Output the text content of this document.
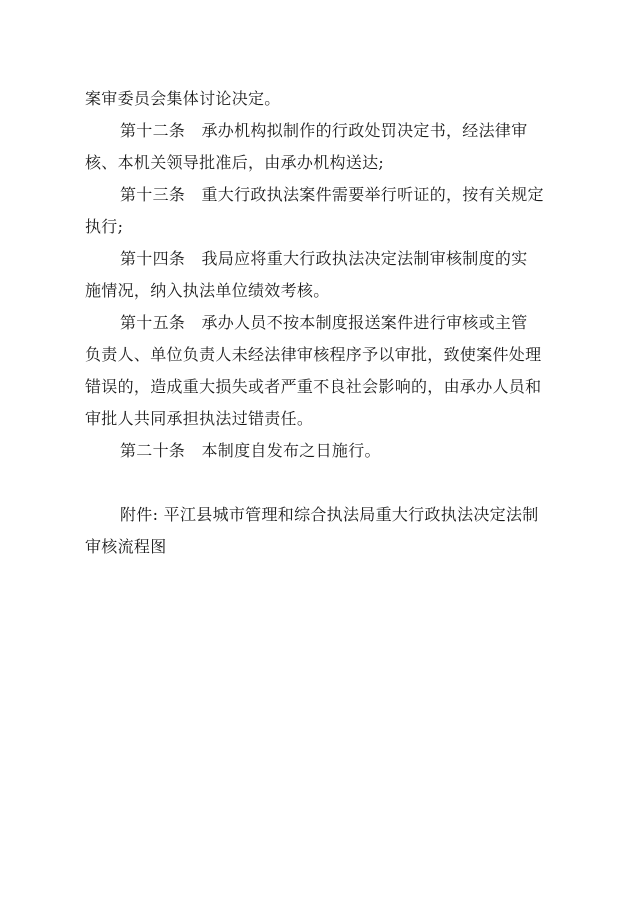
案审委员会集体讨论决定。
第十二条　承办机构拟制作的行政处罚决定书，经法律审
核、本机关领导批准后，由承办机构送达;
第十三条　重大行政执法案件需要举行听证的，按有关规定
执行;
第十四条　我局应将重大行政执法决定法制审核制度的实
施情况，纳入执法单位绩效考核。
第十五条　承办人员不按本制度报送案件进行审核或主管
负责人、单位负责人未经法律审核程序予以审批，致使案件处理
错误的，造成重大损失或者严重不良社会影响的，由承办人员和
审批人共同承担执法过错责任。
第二十条　本制度自发布之日施行。
附件: 平江县城市管理和综合执法局重大行政执法决定法制
审核流程图
